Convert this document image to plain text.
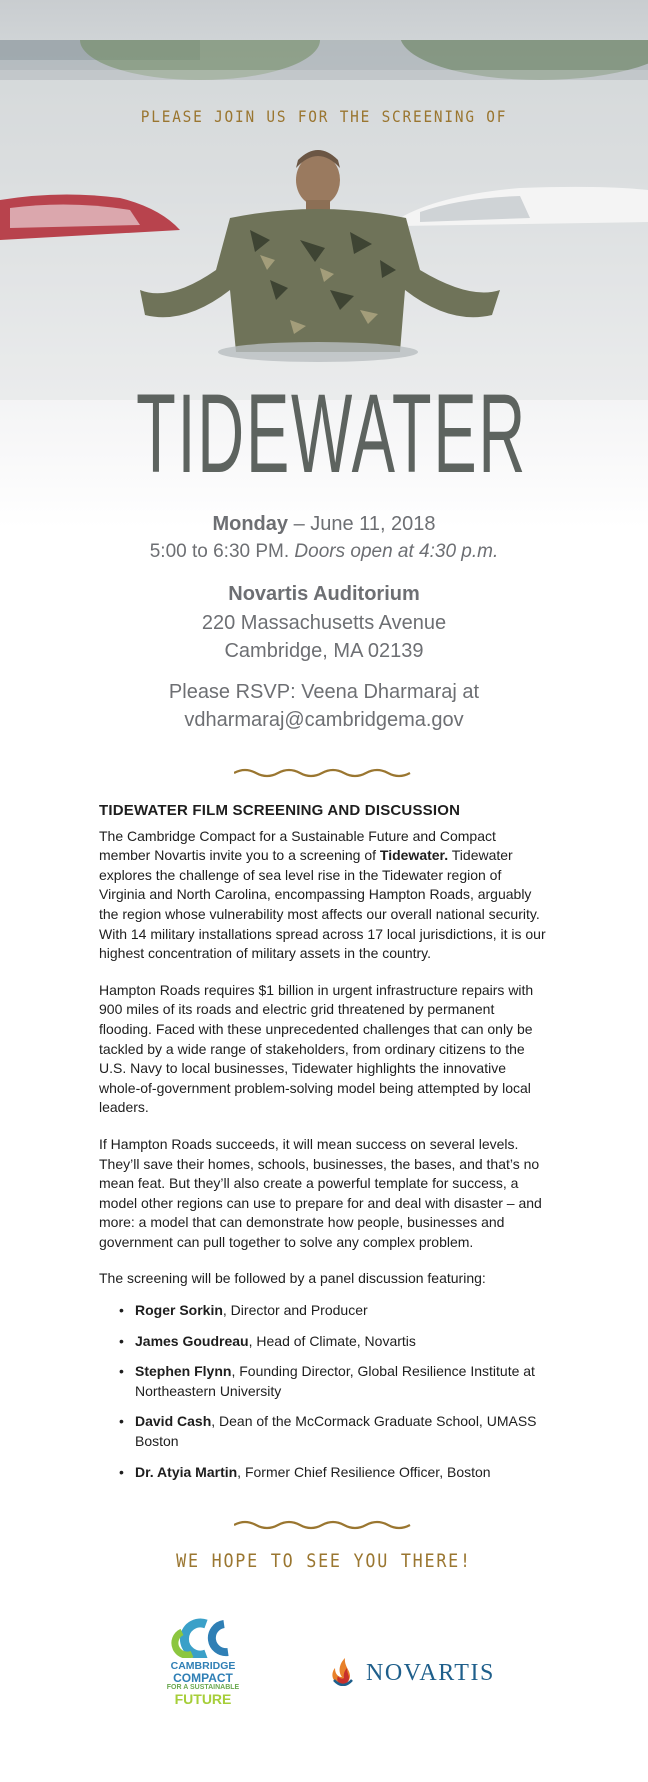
PLEASE JOIN US FOR THE SCREENING OF
TIDEWATER
Monday – June 11, 2018
5:00 to 6:30 PM. Doors open at 4:30 p.m.
Novartis Auditorium
220 Massachusetts Avenue
Cambridge, MA 02139
Please RSVP: Veena Dharmaraj at
vdharmaraj@cambridgema.gov
TIDEWATER FILM SCREENING AND DISCUSSION

The Cambridge Compact for a Sustainable Future and Compact member Novartis invite you to a screening of Tidewater. Tidewater explores the challenge of sea level rise in the Tidewater region of Virginia and North Carolina, encompassing Hampton Roads, arguably the region whose vulnerability most affects our overall national security. With 14 military installations spread across 17 local jurisdictions, it is our highest concentration of military assets in the country.

Hampton Roads requires $1 billion in urgent infrastructure repairs with 900 miles of its roads and electric grid threatened by permanent flooding. Faced with these unprecedented challenges that can only be tackled by a wide range of stakeholders, from ordinary citizens to the U.S. Navy to local businesses, Tidewater highlights the innovative whole-of-government problem-solving model being attempted by local leaders.

If Hampton Roads succeeds, it will mean success on several levels. They’ll save their homes, schools, businesses, the bases, and that’s no mean feat. But they’ll also create a powerful template for success, a model other regions can use to prepare for and deal with disaster – and more: a model that can demonstrate how people, businesses and government can pull together to solve any complex problem.

The screening will be followed by a panel discussion featuring:

• Roger Sorkin, Director and Producer
• James Goudreau, Head of Climate, Novartis
• Stephen Flynn, Founding Director, Global Resilience Institute at Northeastern University
• David Cash, Dean of the McCormack Graduate School, UMASS Boston
• Dr. Atyia Martin, Former Chief Resilience Officer, Boston
WE HOPE TO SEE YOU THERE!
CAMBRIDGE
COMPACT
FOR A SUSTAINABLE
FUTURE
NOVARTIS
